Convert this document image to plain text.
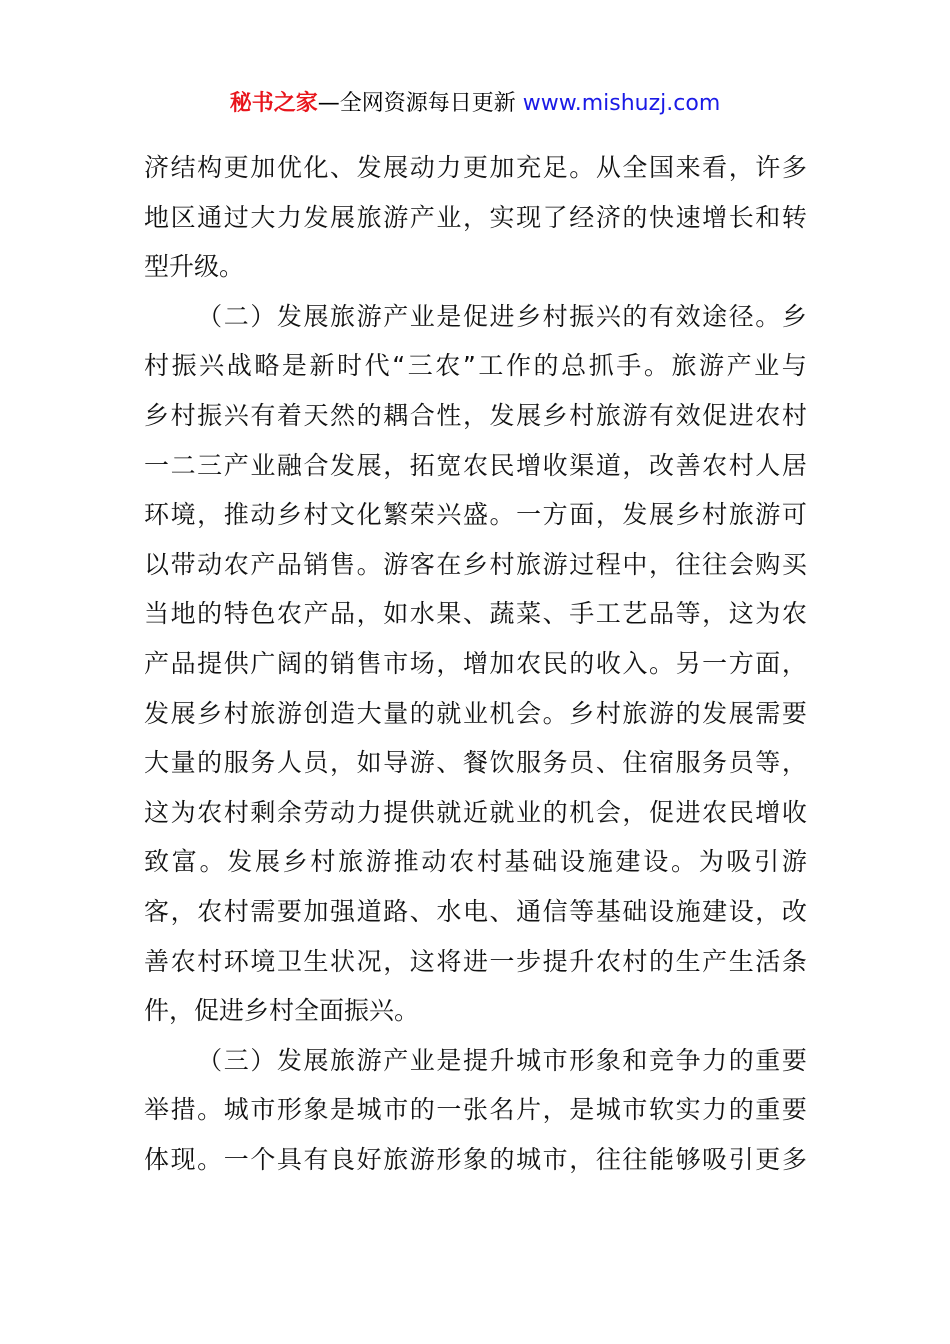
秘书之家—全网资源每日更新 www.mishuzj.com
济 结 构 更 加 优 化 、 发 展 动 力 更 加 充 足 。 从 全 国 来 看 ， 许 多
地 区 通 过 大 力 发 展 旅 游 产 业 ， 实 现 了 经 济 的 快 速 增 长 和 转
型升级。

（ 二 ） 发 展 旅 游 产 业 是 促 进 乡 村 振 兴 的 有 效 途 径 。 乡
村 振 兴 战 略 是 新 时 代 “ 三 农 ” 工 作 的 总 抓 手 。 旅 游 产 业 与
乡 村 振 兴 有 着 天 然 的 耦 合 性 ， 发 展 乡 村 旅 游 有 效 促 进 农 村
一 二 三 产 业 融 合 发 展 ， 拓 宽 农 民 增 收 渠 道 ， 改 善 农 村 人 居
环 境 ， 推 动 乡 村 文 化 繁 荣 兴 盛 。 一 方 面 ， 发 展 乡 村 旅 游 可
以 带 动 农 产 品 销 售 。 游 客 在 乡 村 旅 游 过 程 中 ， 往 往 会 购 买
当 地 的 特 色 农 产 品 ， 如 水 果 、 蔬 菜 、 手 工 艺 品 等 ， 这 为 农
产 品 提 供 广 阔 的 销 售 市 场 ， 增 加 农 民 的 收 入 。 另 一 方 面 ，
发 展 乡 村 旅 游 创 造 大 量 的 就 业 机 会 。 乡 村 旅 游 的 发 展 需 要
大 量 的 服 务 人 员 ， 如 导 游 、 餐 饮 服 务 员 、 住 宿 服 务 员 等 ，
这 为 农 村 剩 余 劳 动 力 提 供 就 近 就 业 的 机 会 ， 促 进 农 民 增 收
致 富 。 发 展 乡 村 旅 游 推 动 农 村 基 础 设 施 建 设 。 为 吸 引 游
客 ， 农 村 需 要 加 强 道 路 、 水 电 、 通 信 等 基 础 设 施 建 设 ， 改
善 农 村 环 境 卫 生 状 况 ， 这 将 进 一 步 提 升 农 村 的 生 产 生 活 条
件，促进乡村全面振兴。

（ 三 ） 发 展 旅 游 产 业 是 提 升 城 市 形 象 和 竞 争 力 的 重 要
举 措 。 城 市 形 象 是 城 市 的 一 张 名 片 ， 是 城 市 软 实 力 的 重 要
体 现 。 一 个 具 有 良 好 旅 游 形 象 的 城 市 ， 往 往 能 够 吸 引 更 多
